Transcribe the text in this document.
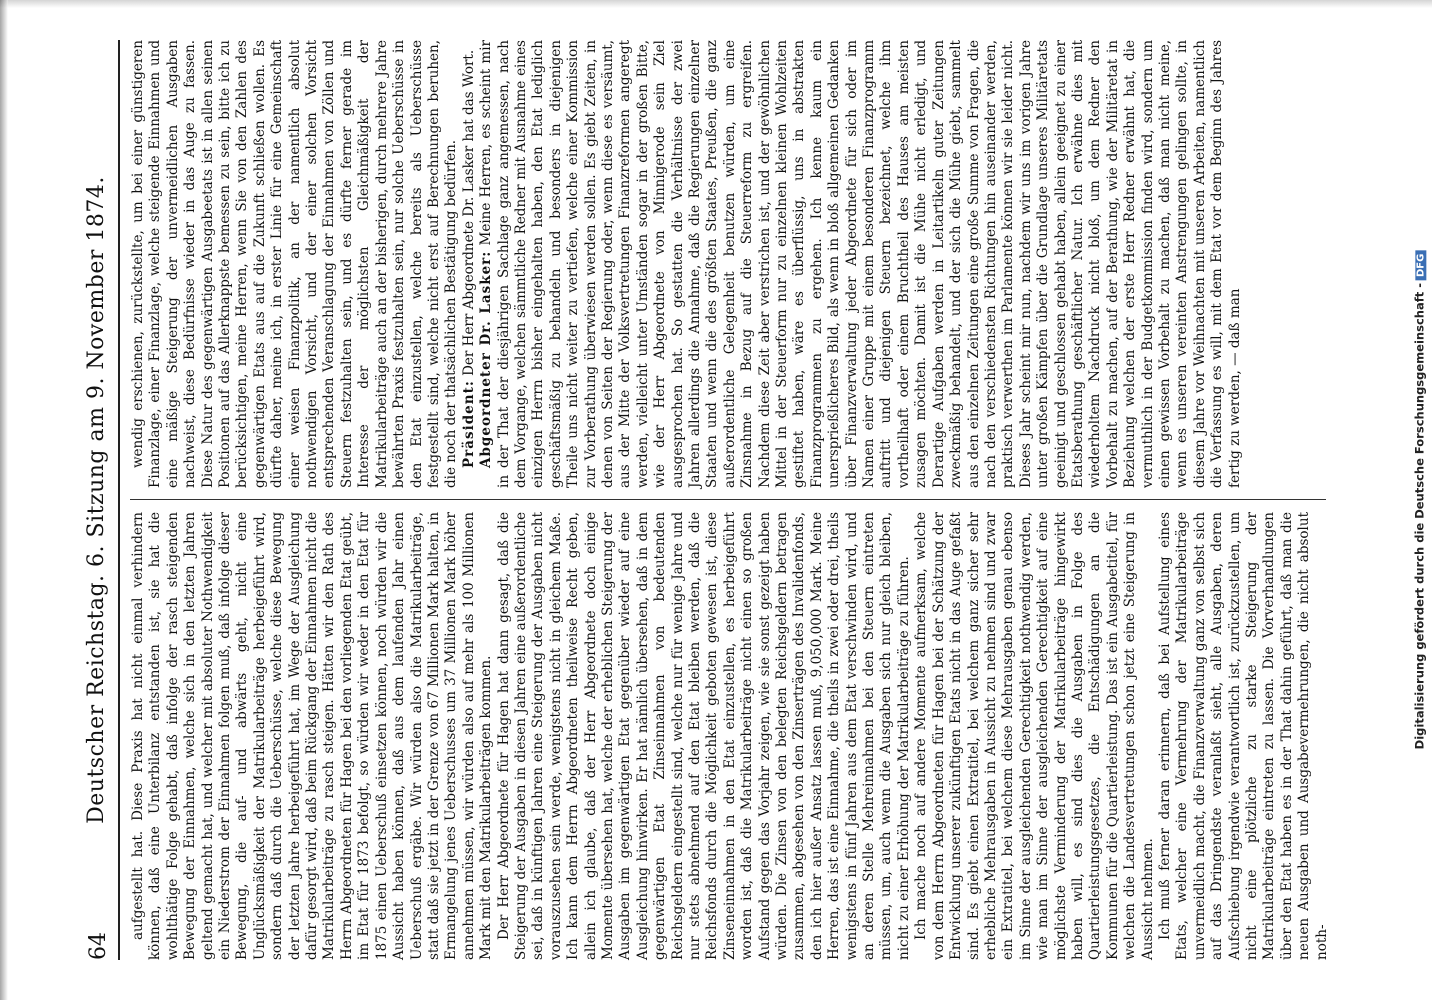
64
Deutscher Reichstag. 6. Sitzung am 9. November 1874. aufgestellt hat. Diese Praxis hat nicht einmal verhindern können, daß eine Unterbilanz entstanden ist, sie hat die wohlthätige Folge gehabt, daß infolge der rasch steigenden Bewegung der Einnahmen, welche sich in den letzten Jahren geltend gemacht hat, und welcher mit absoluter Nothwendigkeit ein Niederstrom der Einnahmen folgen muß, daß infolge dieser Bewegung, die auf- und abwärts geht, nicht eine Unglücksmäßigkeit der Matrikularbeiträge herbeigeführt wird, sondern daß durch die Ueberschüsse, welche diese Bewegung der letzten Jahre herbeigeführt hat, im Wege der Ausgleichung dafür gesorgt wird, daß beim Rückgang der Einnahmen nicht die Matrikularbeiträge zu rasch steigen. Hätten wir den Rath des Herrn Abgeordneten für Hagen bei den vorliegenden Etat geübt, im Etat für 1873 befolgt, so würden wir weder in den Etat für 1875 einen Ueberschuß einsetzen können, noch würden wir die Aussicht haben können, daß aus dem laufenden Jahr einen Ueberschuß ergäbe. Wir würden also die Matrikularbeiträge, statt daß sie jetzt in der Grenze von 67 Millionen Mark halten, in Ermangelung jenes Ueberschusses um 37 Millionen Mark höher annehmen müssen, wir würden also auf mehr als 100 Millionen Mark mit den Matrikularbeiträgen kommen. Der Herr Abgeordnete für Hagen hat dann gesagt, daß die Steigerung der Ausgaben in diesen Jahren eine außerordentliche sei, daß in künftigen Jahren eine Steigerung der Ausgaben nicht vorauszusehen sein werde, wenigstens nicht in gleichem Maße. Ich kann dem Herrn Abgeordneten theilweise Recht geben, allein ich glaube, daß der Herr Abgeordnete doch einige Momente übersehen hat, welche der erheblichen Steigerung der Ausgaben im gegenwärtigen Etat gegenüber wieder auf eine Ausgleichung hinwirken. Er hat nämlich übersehen, daß in dem gegenwärtigen Etat Zinseinnahmen von bedeutenden Reichsgeldern eingestellt sind, welche nur für wenige Jahre und nur stets abnehmend auf den Etat bleiben werden, daß die Reichsfonds durch die Möglichkeit geboten gewesen ist, diese Zinseneinnahmen in den Etat einzustellen, es herbeigeführt worden ist, daß die Matrikularbeiträge nicht einen so großen Aufstand gegen das Vorjahr zeigen, wie sie sonst gezeigt haben würden. Die Zinsen von den belegten Reichsgeldern betragen zusammen, abgesehen von den Zinserträgen des Invalidenfonds, den ich hier außer Ansatz lassen muß, 9,050,000 Mark. Meine Herren, das ist eine Einnahme, die theils in zwei oder drei, theils wenigstens in fünf Jahren aus dem Etat verschwinden wird, und an deren Stelle Mehreinnahmen bei den Steuern eintreten müssen, um, auch wenn die Ausgaben sich nur gleich bleiben, nicht zu einer Erhöhung der Matrikularbeiträge zu führen. Ich mache noch auf andere Momente aufmerksam, welche von dem Herrn Abgeordneten für Hagen bei der Schätzung der Entwicklung unserer zukünftigen Etats nicht in das Auge gefaßt sind. Es giebt einen Extratitel, bei welchem ganz sicher sehr erhebliche Mehrausgaben in Aussicht zu nehmen sind und zwar ein Extratitel, bei welchem diese Mehrausgaben genau ebenso im Sinne der ausgleichenden Gerechtigkeit nothwendig werden, wie man im Sinne der ausgleichenden Gerechtigkeit auf eine möglichste Verminderung der Matrikularbeiträge hingewirkt haben will, es sind dies die Ausgaben in Folge des Quartierleistungsgesetzes, die Entschädigungen an die Kommunen für die Quartierleistung. Das ist ein Ausgabetitel, für welchen die Landesvertretungen schon jetzt eine Steigerung in Aussicht nehmen. Ich muß ferner daran erinnern, daß bei Aufstellung eines Etats, welcher eine Vermehrung der Matrikularbeiträge unvermeidlich macht, die Finanzverwaltung ganz von selbst sich auf das Dringendste veranlaßt sieht, alle Ausgaben, deren Aufschiebung irgendwie verantwortlich ist, zurückzustellen, um nicht eine plötzliche zu starke Steigerung der Matrikularbeiträge eintreten zu lassen. Die Vorverhandlungen über den Etat haben es in der That dahin geführt, daß man die neuen Ausgaben und Ausgabevermehrungen, die nicht absolut noth-

wendig erschienen, zurückstellte, um bei einer günstigeren Finanzlage, einer Finanzlage, welche steigende Einnahmen und eine mäßige Steigerung der unvermeidlichen Ausgaben nachweist, diese Bedürfnisse wieder in das Auge zu fassen. Diese Natur des gegenwärtigen Ausgabeetats ist in allen seinen Positionen auf das Allerknappste bemessen zu sein, bitte ich zu berücksichtigen, meine Herren, wenn Sie von den Zahlen des gegenwärtigen Etats aus auf die Zukunft schließen wollen. Es dürfte daher, meine ich, in erster Linie für eine Gemeinschaft einer weisen Finanzpolitik, an der namentlich absolut nothwendigen Vorsicht, und der einer solchen Vorsicht entsprechenden Veranschlagung der Einnahmen von Zöllen und Steuern festzuhalten sein, und es dürfte ferner gerade im Interesse der möglichsten Gleichmäßigkeit der Matrikularbeiträge auch an der bisherigen, durch mehrere Jahre bewährten Praxis festzuhalten sein, nur solche Ueberschüsse in den Etat einzustellen, welche bereits als Ueberschüsse festgestellt sind, welche nicht erst auf Berechnungen beruhen, die noch der thatsächlichen Bestätigung bedürfen. Präsident: Der Herr Abgeordnete Dr. Lasker hat das Wort. Abgeordneter Dr. Lasker: Meine Herren, es scheint mir in der That der diesjährigen Sachlage ganz angemessen, nach dem Vorgange, welchen sämmtliche Redner mit Ausnahme eines einzigen Herrn bisher eingehalten haben, den Etat lediglich geschäftsmäßig zu behandeln und besonders in diejenigen Theile uns nicht weiter zu vertiefen, welche einer Kommission zur Vorberathung überwiesen werden sollen. Es giebt Zeiten, in denen von Seiten der Regierung oder, wenn diese es versäumt, aus der Mitte der Volksvertretungen Finanzreformen angeregt werden, vielleicht unter Umständen sogar in der großen Bitte, wie der Herr Abgeordnete von Minnigerode sein Ziel ausgesprochen hat. So gestatten die Verhältnisse der zwei Jahren allerdings die Annahme, daß die Regierungen einzelner Staaten und wenn die des größten Staates, Preußen, die ganz außerordentliche Gelegenheit benutzen würden, um eine Zinsnahme in Bezug auf die Steuerreform zu ergreifen. Nachdem diese Zeit aber verstrichen ist, und der gewöhnlichen Mittel in der Steuerform nur zu einzelnen kleinen Wohlzeiten gestiftet haben, wäre es überflüssig, uns in abstrakten Finanzprogrammen zu ergehen. Ich kenne kaum ein unersprießlicheres Bild, als wenn in bloß allgemeinen Gedanken über Finanzverwaltung jeder Abgeordnete für sich oder im Namen einer Gruppe mit einem besonderen Finanzprogramm auftritt und diejenigen Steuern bezeichnet, welche ihm vortheilhaft oder einem Bruchtheil des Hauses am meisten zusagen möchten. Damit ist die Mühe nicht erledigt, und Derartige Aufgaben werden in Leitartikeln guter Zeitungen zweckmäßig behandelt, und der sich die Mühe giebt, sammelt aus den einzelnen Zeitungen eine große Summe von Fragen, die nach den verschiedensten Richtungen hin auseinander werden, praktisch verwerthen im Parlamente können wir sie leider nicht. Dieses Jahr scheint mir nun, nachdem wir uns im vorigen Jahre unter großen Kämpfen über die Grundlage unseres Militäretats geeinigt und geschlossen gehabt haben, allein geeignet zu einer Etatsberathung geschäftlicher Natur. Ich erwähne dies mit wiederholtem Nachdruck nicht bloß, um dem Redner den Vorbehalt zu machen, auf der Berathung, wie der Militäretat in Beziehung welchen der erste Herr Redner erwähnt hat, die vermuthlich in der Budgetkommission finden wird, sondern um einen gewissen Vorbehalt zu machen, daß man nicht meine, wenn es unseren vereinten Anstrengungen gelingen sollte, in diesem Jahre vor Weihnachten mit unseren Arbeiten, namentlich die Verfassung es will, mit dem Etat vor dem Beginn des Jahres fertig zu werden, — daß man	Digitalisierung gefördert durch die Deutsche Forschungsgemeinschaft -DFG
